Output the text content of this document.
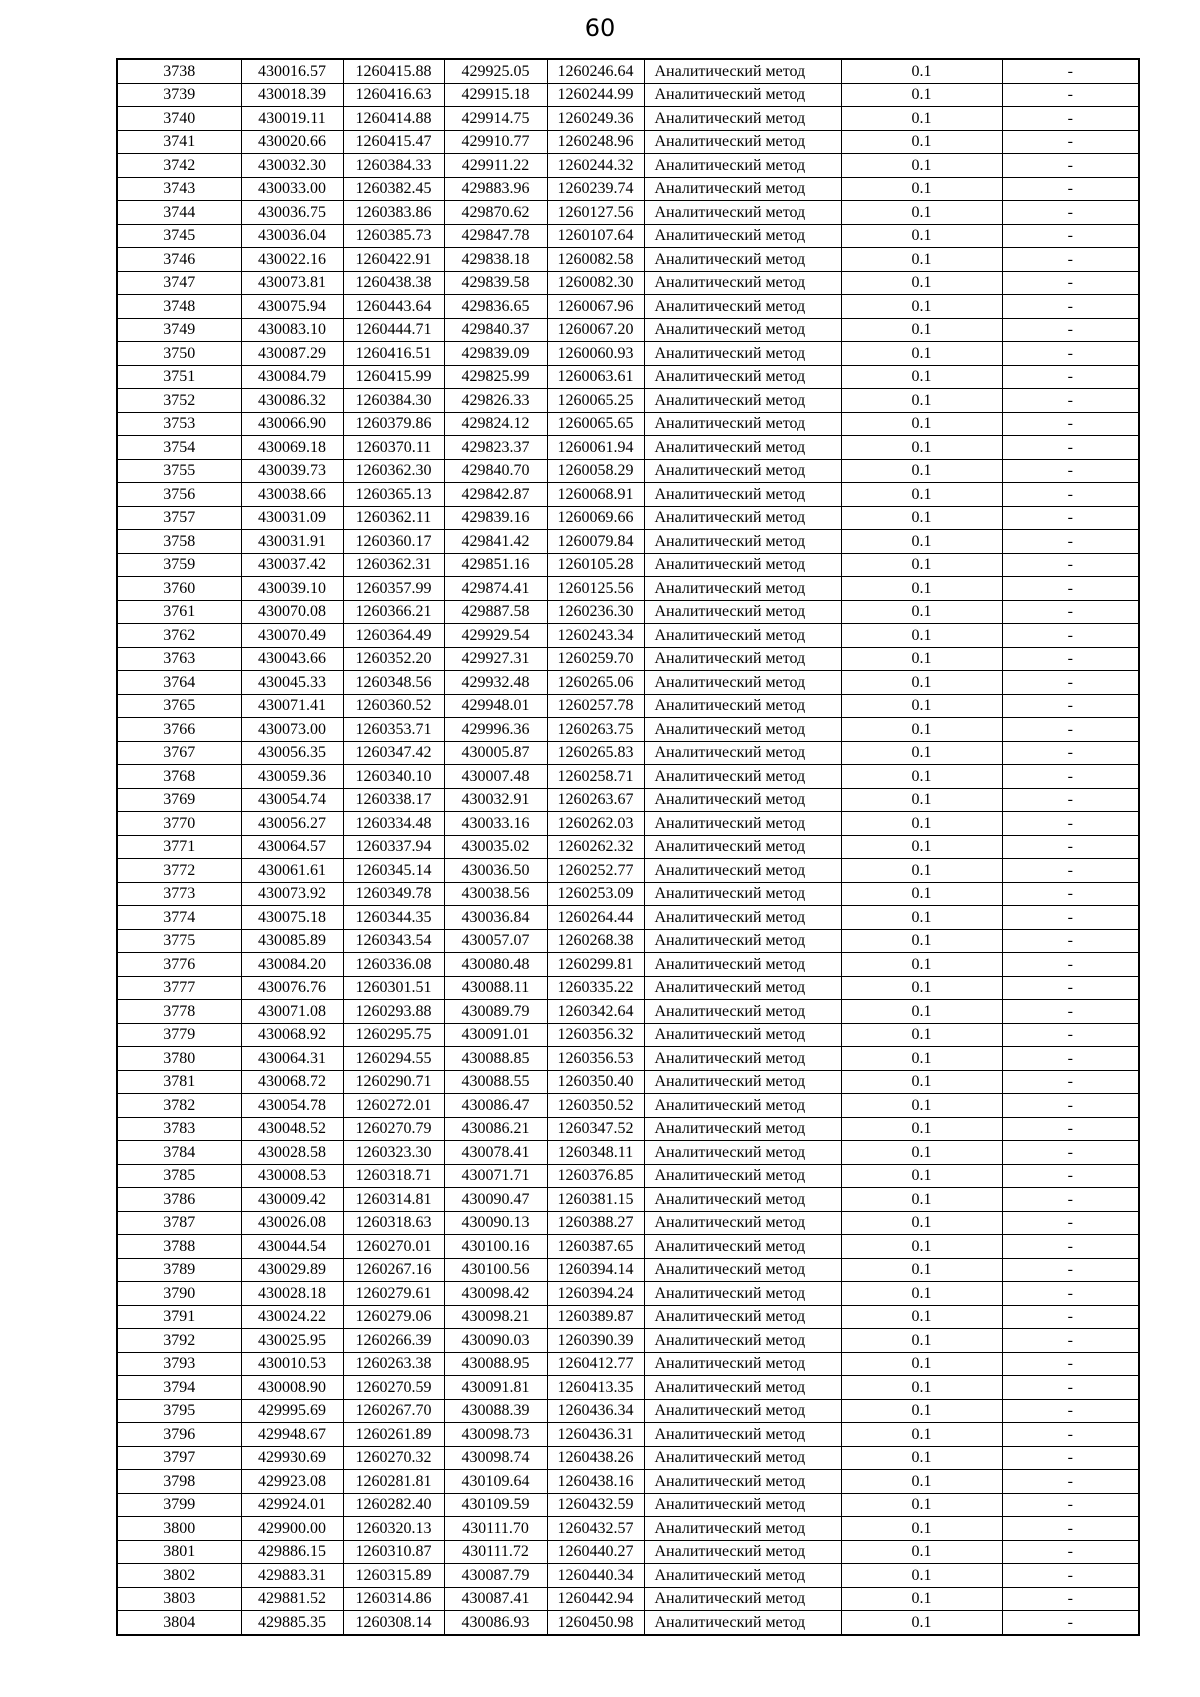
60
3738	430016.57	1260415.88	429925.05	1260246.64	Аналитический метод	0.1	-
3739	430018.39	1260416.63	429915.18	1260244.99	Аналитический метод	0.1	-
3740	430019.11	1260414.88	429914.75	1260249.36	Аналитический метод	0.1	-
3741	430020.66	1260415.47	429910.77	1260248.96	Аналитический метод	0.1	-
3742	430032.30	1260384.33	429911.22	1260244.32	Аналитический метод	0.1	-
3743	430033.00	1260382.45	429883.96	1260239.74	Аналитический метод	0.1	-
3744	430036.75	1260383.86	429870.62	1260127.56	Аналитический метод	0.1	-
3745	430036.04	1260385.73	429847.78	1260107.64	Аналитический метод	0.1	-
3746	430022.16	1260422.91	429838.18	1260082.58	Аналитический метод	0.1	-
3747	430073.81	1260438.38	429839.58	1260082.30	Аналитический метод	0.1	-
3748	430075.94	1260443.64	429836.65	1260067.96	Аналитический метод	0.1	-
3749	430083.10	1260444.71	429840.37	1260067.20	Аналитический метод	0.1	-
3750	430087.29	1260416.51	429839.09	1260060.93	Аналитический метод	0.1	-
3751	430084.79	1260415.99	429825.99	1260063.61	Аналитический метод	0.1	-
3752	430086.32	1260384.30	429826.33	1260065.25	Аналитический метод	0.1	-
3753	430066.90	1260379.86	429824.12	1260065.65	Аналитический метод	0.1	-
3754	430069.18	1260370.11	429823.37	1260061.94	Аналитический метод	0.1	-
3755	430039.73	1260362.30	429840.70	1260058.29	Аналитический метод	0.1	-
3756	430038.66	1260365.13	429842.87	1260068.91	Аналитический метод	0.1	-
3757	430031.09	1260362.11	429839.16	1260069.66	Аналитический метод	0.1	-
3758	430031.91	1260360.17	429841.42	1260079.84	Аналитический метод	0.1	-
3759	430037.42	1260362.31	429851.16	1260105.28	Аналитический метод	0.1	-
3760	430039.10	1260357.99	429874.41	1260125.56	Аналитический метод	0.1	-
3761	430070.08	1260366.21	429887.58	1260236.30	Аналитический метод	0.1	-
3762	430070.49	1260364.49	429929.54	1260243.34	Аналитический метод	0.1	-
3763	430043.66	1260352.20	429927.31	1260259.70	Аналитический метод	0.1	-
3764	430045.33	1260348.56	429932.48	1260265.06	Аналитический метод	0.1	-
3765	430071.41	1260360.52	429948.01	1260257.78	Аналитический метод	0.1	-
3766	430073.00	1260353.71	429996.36	1260263.75	Аналитический метод	0.1	-
3767	430056.35	1260347.42	430005.87	1260265.83	Аналитический метод	0.1	-
3768	430059.36	1260340.10	430007.48	1260258.71	Аналитический метод	0.1	-
3769	430054.74	1260338.17	430032.91	1260263.67	Аналитический метод	0.1	-
3770	430056.27	1260334.48	430033.16	1260262.03	Аналитический метод	0.1	-
3771	430064.57	1260337.94	430035.02	1260262.32	Аналитический метод	0.1	-
3772	430061.61	1260345.14	430036.50	1260252.77	Аналитический метод	0.1	-
3773	430073.92	1260349.78	430038.56	1260253.09	Аналитический метод	0.1	-
3774	430075.18	1260344.35	430036.84	1260264.44	Аналитический метод	0.1	-
3775	430085.89	1260343.54	430057.07	1260268.38	Аналитический метод	0.1	-
3776	430084.20	1260336.08	430080.48	1260299.81	Аналитический метод	0.1	-
3777	430076.76	1260301.51	430088.11	1260335.22	Аналитический метод	0.1	-
3778	430071.08	1260293.88	430089.79	1260342.64	Аналитический метод	0.1	-
3779	430068.92	1260295.75	430091.01	1260356.32	Аналитический метод	0.1	-
3780	430064.31	1260294.55	430088.85	1260356.53	Аналитический метод	0.1	-
3781	430068.72	1260290.71	430088.55	1260350.40	Аналитический метод	0.1	-
3782	430054.78	1260272.01	430086.47	1260350.52	Аналитический метод	0.1	-
3783	430048.52	1260270.79	430086.21	1260347.52	Аналитический метод	0.1	-
3784	430028.58	1260323.30	430078.41	1260348.11	Аналитический метод	0.1	-
3785	430008.53	1260318.71	430071.71	1260376.85	Аналитический метод	0.1	-
3786	430009.42	1260314.81	430090.47	1260381.15	Аналитический метод	0.1	-
3787	430026.08	1260318.63	430090.13	1260388.27	Аналитический метод	0.1	-
3788	430044.54	1260270.01	430100.16	1260387.65	Аналитический метод	0.1	-
3789	430029.89	1260267.16	430100.56	1260394.14	Аналитический метод	0.1	-
3790	430028.18	1260279.61	430098.42	1260394.24	Аналитический метод	0.1	-
3791	430024.22	1260279.06	430098.21	1260389.87	Аналитический метод	0.1	-
3792	430025.95	1260266.39	430090.03	1260390.39	Аналитический метод	0.1	-
3793	430010.53	1260263.38	430088.95	1260412.77	Аналитический метод	0.1	-
3794	430008.90	1260270.59	430091.81	1260413.35	Аналитический метод	0.1	-
3795	429995.69	1260267.70	430088.39	1260436.34	Аналитический метод	0.1	-
3796	429948.67	1260261.89	430098.73	1260436.31	Аналитический метод	0.1	-
3797	429930.69	1260270.32	430098.74	1260438.26	Аналитический метод	0.1	-
3798	429923.08	1260281.81	430109.64	1260438.16	Аналитический метод	0.1	-
3799	429924.01	1260282.40	430109.59	1260432.59	Аналитический метод	0.1	-
3800	429900.00	1260320.13	430111.70	1260432.57	Аналитический метод	0.1	-
3801	429886.15	1260310.87	430111.72	1260440.27	Аналитический метод	0.1	-
3802	429883.31	1260315.89	430087.79	1260440.34	Аналитический метод	0.1	-
3803	429881.52	1260314.86	430087.41	1260442.94	Аналитический метод	0.1	-
3804	429885.35	1260308.14	430086.93	1260450.98	Аналитический метод	0.1	-
